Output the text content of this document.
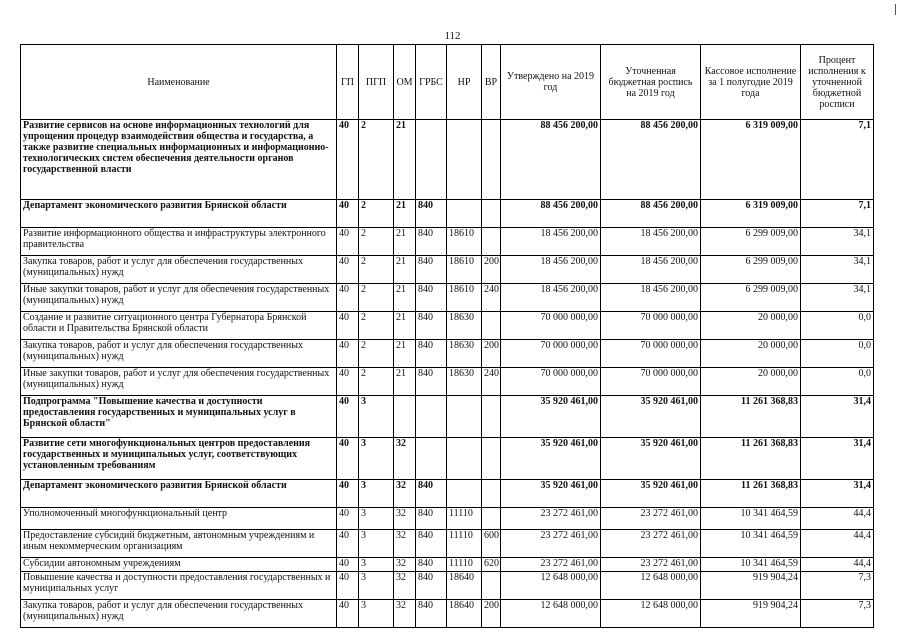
112
Наименование	ГП	ПГП	ОМ	ГРБС	НР	ВР	Утверждено на 2019 год	Уточненная бюджетная роспись на 2019 год	Кассовое исполнение за 1 полугодие 2019 года	Процент исполнения к уточненной бюджетной росписи
Развитие сервисов на основе информационных технологий для упрощения процедур взаимодействия общества и государства, а также развитие специальных информационных и информационно-технологических систем обеспечения деятельности органов государственной власти	40	2	21				88 456 200,00	88 456 200,00	6 319 009,00	7,1
Департамент экономического развития Брянской области	40	2	21	840			88 456 200,00	88 456 200,00	6 319 009,00	7,1
Развитие информационного общества и инфраструктуры электронного правительства	40	2	21	840	18610		18 456 200,00	18 456 200,00	6 299 009,00	34,1
Закупка товаров, работ и услуг для обеспечения государственных (муниципальных) нужд	40	2	21	840	18610	200	18 456 200,00	18 456 200,00	6 299 009,00	34,1
Иные закупки товаров, работ и услуг для обеспечения государственных (муниципальных) нужд	40	2	21	840	18610	240	18 456 200,00	18 456 200,00	6 299 009,00	34,1
Создание и развитие ситуационного центра Губернатора Брянской области и Правительства Брянской области	40	2	21	840	18630		70 000 000,00	70 000 000,00	20 000,00	0,0
Закупка товаров, работ и услуг для обеспечения государственных (муниципальных) нужд	40	2	21	840	18630	200	70 000 000,00	70 000 000,00	20 000,00	0,0
Иные закупки товаров, работ и услуг для обеспечения государственных (муниципальных) нужд	40	2	21	840	18630	240	70 000 000,00	70 000 000,00	20 000,00	0,0
Подпрограмма "Повышение качества и доступности предоставления государственных и муниципальных услуг в Брянской области"	40	3					35 920 461,00	35 920 461,00	11 261 368,83	31,4
Развитие сети многофункциональных центров предоставления государственных и муниципальных услуг, соответствующих установленным требованиям	40	3	32				35 920 461,00	35 920 461,00	11 261 368,83	31,4
Департамент экономического развития Брянской области	40	3	32	840			35 920 461,00	35 920 461,00	11 261 368,83	31,4
Уполномоченный многофункциональный центр	40	3	32	840	11110		23 272 461,00	23 272 461,00	10 341 464,59	44,4
Предоставление субсидий бюджетным, автономным учреждениям и иным некоммерческим организациям	40	3	32	840	11110	600	23 272 461,00	23 272 461,00	10 341 464,59	44,4
Субсидии автономным учреждениям	40	3	32	840	11110	620	23 272 461,00	23 272 461,00	10 341 464,59	44,4
Повышение качества и доступности предоставления государственных и муниципальных услуг	40	3	32	840	18640		12 648 000,00	12 648 000,00	919 904,24	7,3
Закупка товаров, работ и услуг для обеспечения государственных (муниципальных) нужд	40	3	32	840	18640	200	12 648 000,00	12 648 000,00	919 904,24	7,3
